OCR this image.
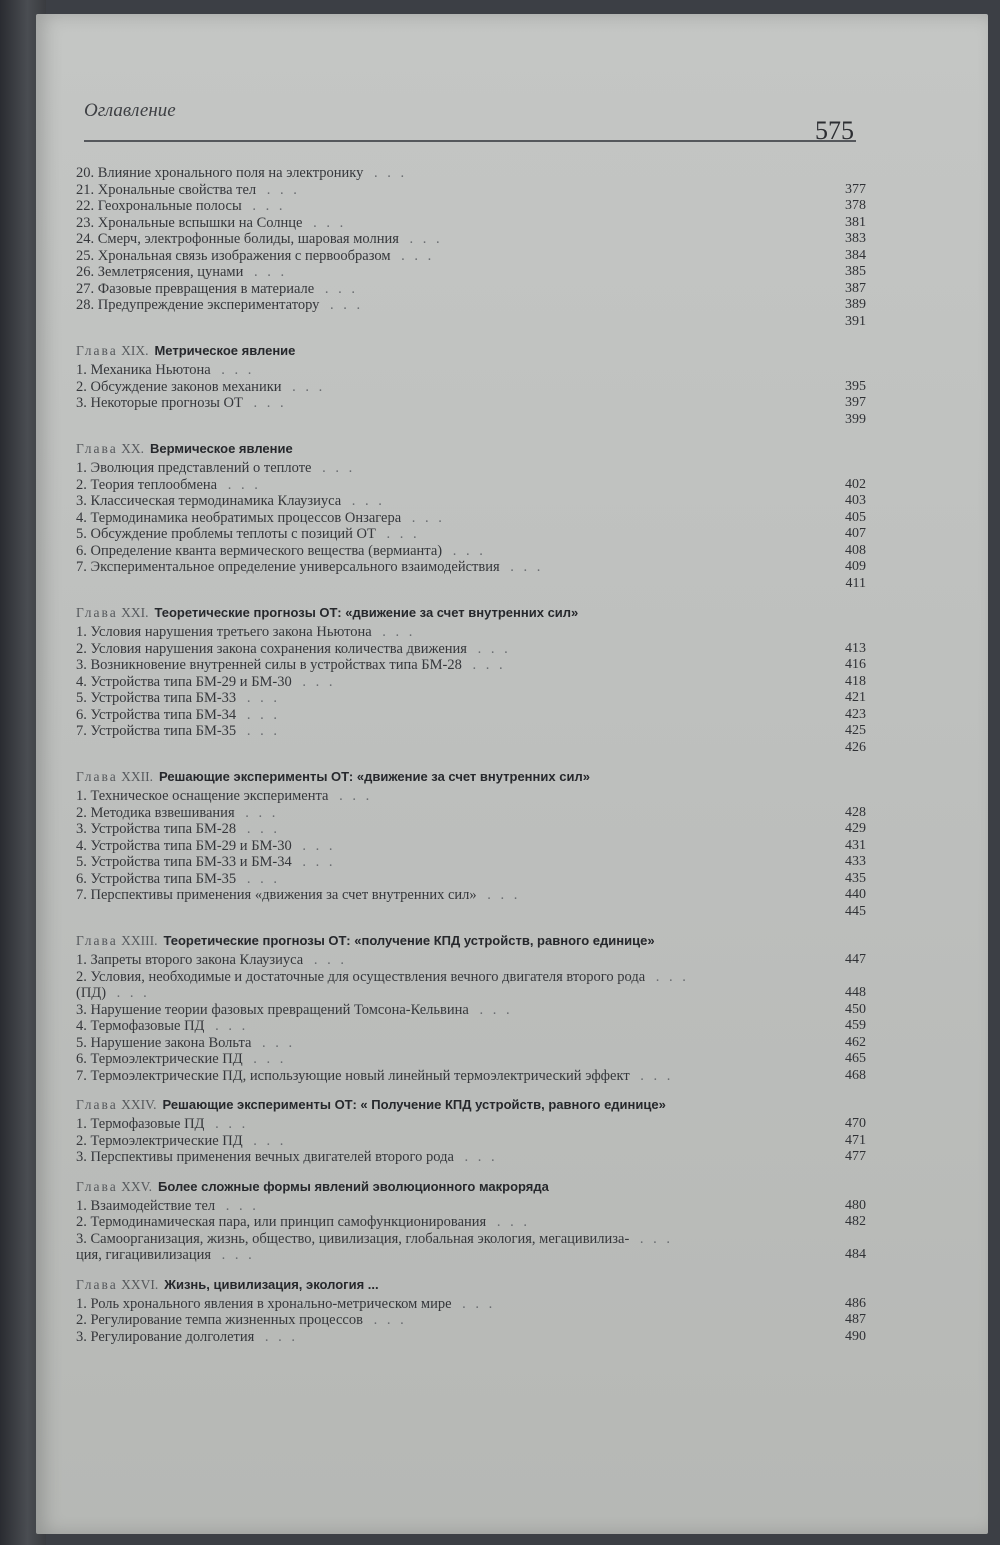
Оглавление
575
20. Влияние хронального поля на электронику . . .
21. Хрональные свойства тел . . .	377
22. Геохрональные полосы . . .	378
23. Хрональные вспышки на Солнце . . .	381
24. Смерч, электрофонные болиды, шаровая молния . . .	383
25. Хрональная связь изображения с первообразом . . .	384
26. Землетрясения, цунами . . .	385
27. Фазовые превращения в материале . . .	387
28. Предупреждение экспериментатору . . .	389
391
Глава XIX. Метрическое явление
1. Механика Ньютона . . .
2. Обсуждение законов механики . . .	395
3. Некоторые прогнозы ОТ . . .	397
399
Глава XX. Вермическое явление
1. Эволюция представлений о теплоте . . .
2. Теория теплообмена . . .	402
3. Классическая термодинамика Клаузиуса . . .	403
4. Термодинамика необратимых процессов Онзагера . . .	405
5. Обсуждение проблемы теплоты с позиций ОТ . . .	407
6. Определение кванта вермического вещества (вермианта) . . .	408
7. Экспериментальное определение универсального взаимодействия . . .	409
411
Глава XXI. Теоретические прогнозы ОТ: «движение за счет внутренних сил»
1. Условия нарушения третьего закона Ньютона . . .
2. Условия нарушения закона сохранения количества движения . . .	413
3. Возникновение внутренней силы в устройствах типа БМ-28 . . .	416
4. Устройства типа БМ-29 и БМ-30 . . .	418
5. Устройства типа БМ-33 . . .	421
6. Устройства типа БМ-34 . . .	423
7. Устройства типа БМ-35 . . .	425
426
Глава XXII. Решающие эксперименты ОТ: «движение за счет внутренних сил»
1. Техническое оснащение эксперимента . . .
2. Методика взвешивания . . .	428
3. Устройства типа БМ-28 . . .	429
4. Устройства типа БМ-29 и БМ-30 . . .	431
5. Устройства типа БМ-33 и БМ-34 . . .	433
6. Устройства типа БМ-35 . . .	435
7. Перспективы применения «движения за счет внутренних сил» . . .	440
445
Глава XXIII. Теоретические прогнозы ОТ: «получение КПД устройств, равного единице»
1. Запреты второго закона Клаузиуса . . .	447
2. Условия, необходимые и достаточные для осуществления вечного двигателя второго рода . . .
(ПД) . . .	448
3. Нарушение теории фазовых превращений Томсона-Кельвина . . .	450
4. Термофазовые ПД . . .	459
5. Нарушение закона Вольта . . .	462
6. Термоэлектрические ПД . . .	465
7. Термоэлектрические ПД, использующие новый линейный термоэлектрический эффект . . .	468
Глава XXIV. Решающие эксперименты ОТ: « Получение КПД устройств, равного единице»
1. Термофазовые ПД . . .	470
2. Термоэлектрические ПД . . .	471
3. Перспективы применения вечных двигателей второго рода . . .	477
Глава XXV. Более сложные формы явлений эволюционного макроряда
1. Взаимодействие тел . . .	480
2. Термодинамическая пара, или принцип самофункционирования . . .	482
3. Самоорганизация, жизнь, общество, цивилизация, глобальная экология, мегацивилиза- . . .
ция, гигацивилизация . . .	484
Глава XXVI. Жизнь, цивилизация, экология ...
1. Роль хронального явления в хронально-метрическом мире . . .	486
2. Регулирование темпа жизненных процессов . . .	487
3. Регулирование долголетия . . .	490
